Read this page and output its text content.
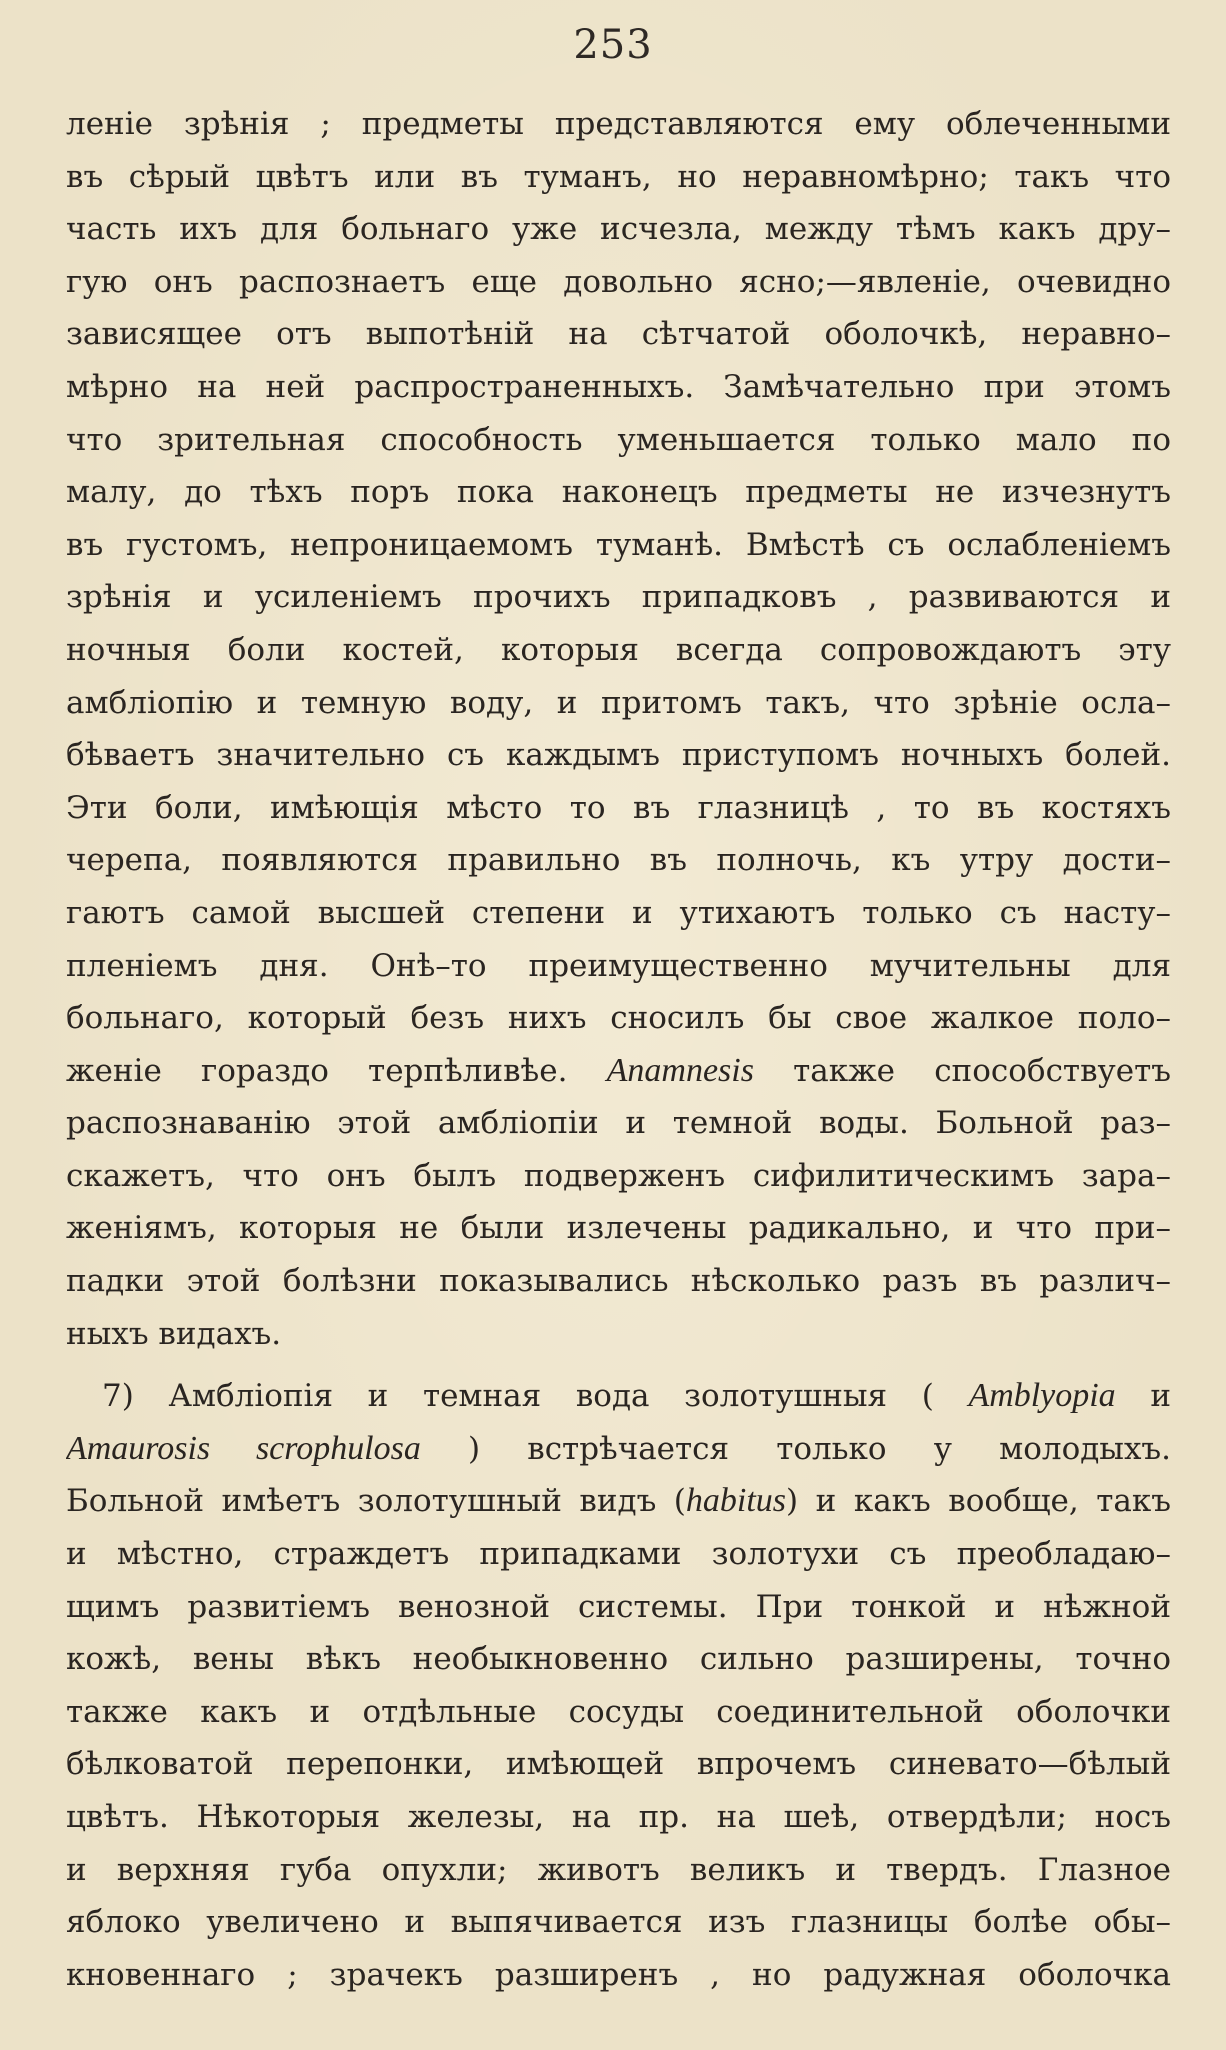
253
леніе зрѣнія ; предметы представляются ему облеченными
въ сѣрый цвѣтъ или въ туманъ, но неравномѣрно; такъ что
часть ихъ для больнаго уже исчезла, между тѣмъ какъ дру–
гую онъ распознаетъ еще довольно ясно;—явленіе, очевидно
зависящее отъ выпотѣній на сѣтчатой оболочкѣ, неравно–
мѣрно на ней распространенныхъ. Замѣчательно при этомъ
что зрительная способность уменьшается только мало по
малу, до тѣхъ поръ пока наконецъ предметы не изчезнутъ
въ густомъ, непроницаемомъ туманѣ. Вмѣстѣ съ ослабленіемъ
зрѣнія и усиленіемъ прочихъ припадковъ , развиваются и
ночныя боли костей, которыя всегда сопровождаютъ эту
амбліопію и темную воду, и притомъ такъ, что зрѣніе осла–
бѣваетъ значительно съ каждымъ приступомъ ночныхъ болей.
Эти боли, имѣющія мѣсто то въ глазницѣ , то въ костяхъ
черепа, появляются правильно въ полночь, къ утру дости–
гаютъ самой высшей степени и утихаютъ только съ насту–
пленіемъ дня. Онѣ–то преимущественно мучительны для
больнаго, который безъ нихъ сносилъ бы свое жалкое поло–
женіе гораздо терпѣливѣе. Anamnesis также способствуетъ
распознаванію этой амбліопіи и темной воды. Больной раз–
скажетъ, что онъ былъ подверженъ сифилитическимъ зара–
женіямъ, которыя не были излечены радикально, и что при–
падки этой болѣзни показывались нѣсколько разъ въ различ–
ныхъ видахъ.
7) Амбліопія и темная вода золотушныя ( Amblyopia и
Amaurosis scrophulosa ) встрѣчается только у молодыхъ.
Больной имѣетъ золотушный видъ (habitus) и какъ вообще, такъ
и мѣстно, страждетъ припадками золотухи съ преобладаю–
щимъ развитіемъ венозной системы. При тонкой и нѣжной
кожѣ, вены вѣкъ необыкновенно сильно разширены, точно
также какъ и отдѣльные сосуды соединительной оболочки
бѣлковатой перепонки, имѣющей впрочемъ синевато—бѣлый
цвѣтъ. Нѣкоторыя железы, на пр. на шеѣ, отвердѣли; носъ
и верхняя губа опухли; животъ великъ и твердъ. Глазное
яблоко увеличено и выпячивается изъ глазницы болѣе обы–
кновеннаго ; зрачекъ разширенъ , но радужная оболочка
